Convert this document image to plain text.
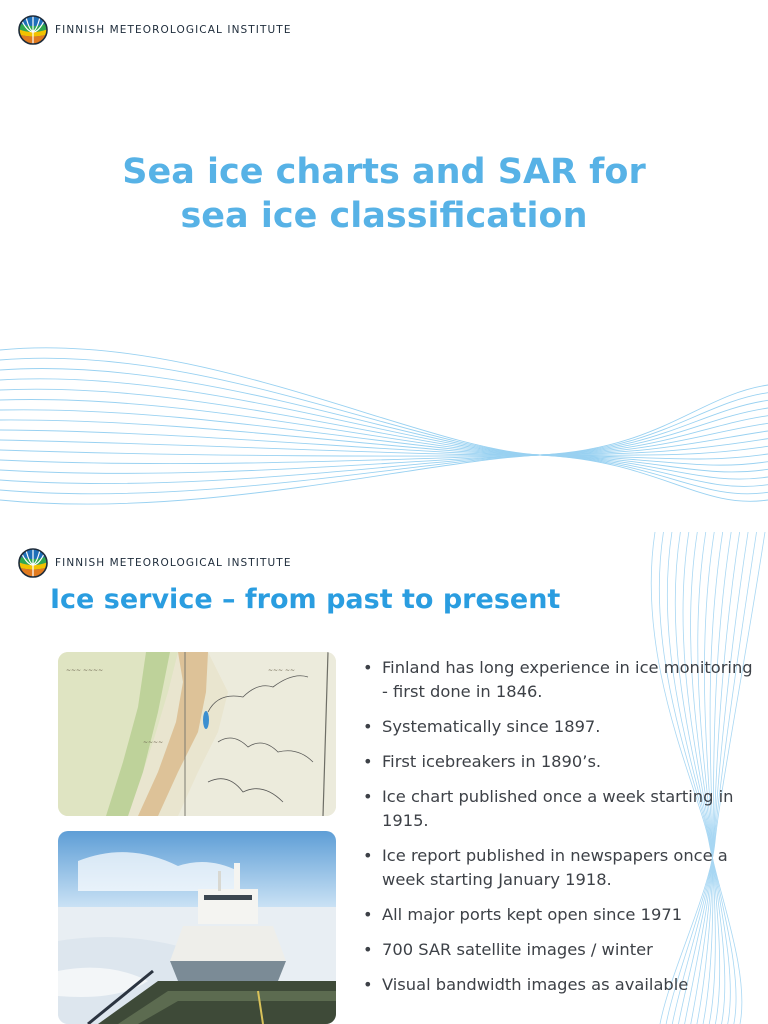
FINNISH METEOROLOGICAL INSTITUTE
Sea ice charts and SAR for
sea ice classification
FINNISH METEOROLOGICAL INSTITUTE
Ice service – from past to present
~~~ ~~~~
~~~~
~~~ ~~
•	Finland has long experience in ice monitoring - first done in 1846.
• Systematically since 1897.
• First icebreakers in 1890’s.
• Ice chart published once a week starting in 1915.
• Ice report published in newspapers once a week starting January 1918.
• All major ports kept open since 1971
• 700 SAR satellite images / winter
• Visual bandwidth images as available
